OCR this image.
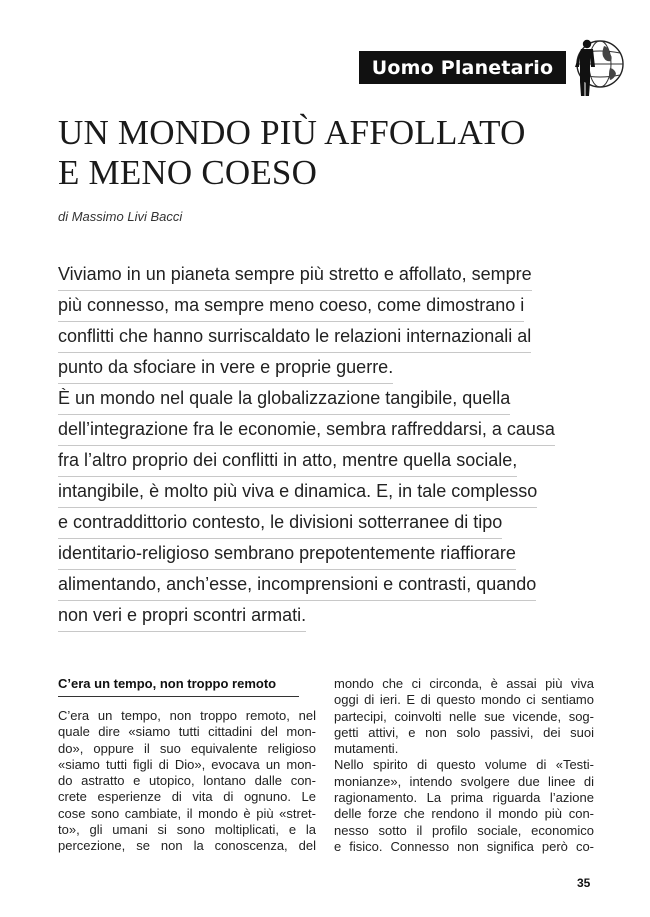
Uomo Planetario
UN MONDO PIÙ AFFOLLATO
E MENO COESO
di Massimo Livi Bacci
Viviamo in un pianeta sempre più stretto e affollato, sempre
più connesso, ma sempre meno coeso, come dimostrano i
conflitti che hanno surriscaldato le relazioni internazionali al
punto da sfociare in vere e proprie guerre.
È un mondo nel quale la globalizzazione tangibile, quella
dell’integrazione fra le economie, sembra raffreddarsi, a causa
fra l’altro proprio dei conflitti in atto, mentre quella sociale,
intangibile, è molto più viva e dinamica. E, in tale complesso
e contraddittorio contesto, le divisioni sotterranee di tipo
identitario-religioso sembrano prepotentemente riaffiorare
alimentando, anch’esse, incomprensioni e contrasti, quando
non veri e propri scontri armati.
C’era un tempo, non troppo remoto
C’era un tempo, non troppo remoto, nel
quale dire «siamo tutti cittadini del mon-
do», oppure il suo equivalente religioso
«siamo tutti figli di Dio», evocava un mon-
do astratto e utopico, lontano dalle con-
crete esperienze di vita di ognuno. Le
cose sono cambiate, il mondo è più «stret-
to», gli umani si sono moltiplicati, e la
percezione, se non la conoscenza, del
mondo che ci circonda, è assai più viva
oggi di ieri. E di questo mondo ci sentiamo
partecipi, coinvolti nelle sue vicende, sog-
getti attivi, e non solo passivi, dei suoi
mutamenti.
Nello spirito di questo volume di «Testi-
monianze», intendo svolgere due linee di
ragionamento. La prima riguarda l’azione
delle forze che rendono il mondo più con-
nesso sotto il profilo sociale, economico
e fisico. Connesso non significa però co-
35
